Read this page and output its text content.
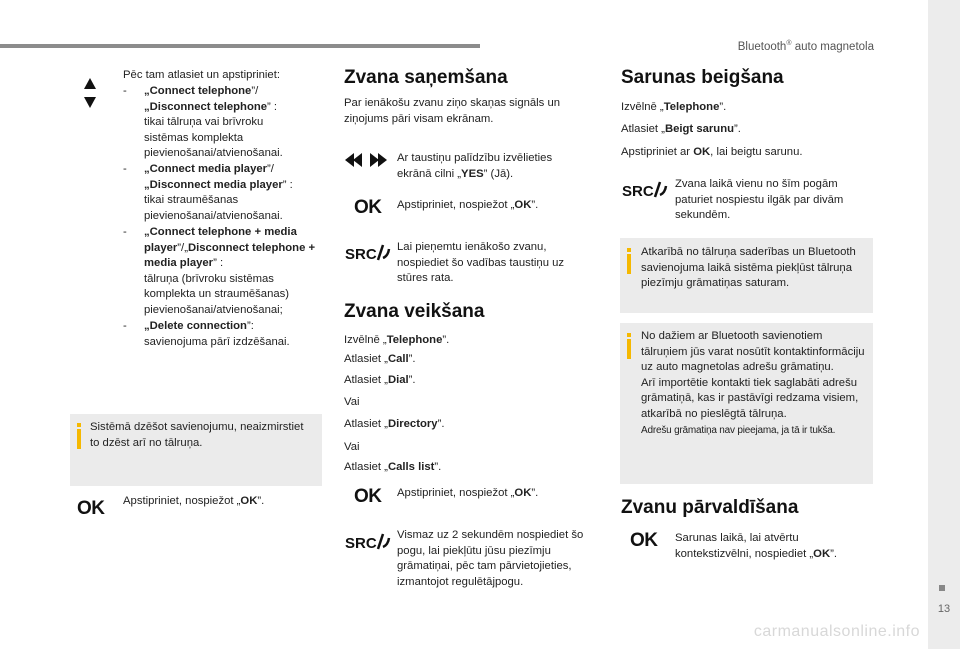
Bluetooth® auto magnetola
13
Pēc tam atlasiet un apstipriniet:
- „Connect telephone”/
„Disconnect telephone” :

tikai tālruņa vai brīvroku sistēmas komplekta pievienošanai/atvienošanai.
- „Connect media player”/
„Disconnect media player” :

tikai straumēšanas pievienošanai/atvienošanai.
- „Connect telephone + media player”/„Disconnect telephone + media player” :

tālruņa (brīvroku sistēmas komplekta un straumēšanas) pievienošanai/atvienošanai;
- „Delete connection”:
savienojuma pārī izdzēšanai.
Sistēmā dzēšot savienojumu, neaizmirstiet to dzēst arī no tālruņa.
OK Apstipriniet, nospiežot „OK”.
Zvana saņemšana
Par ienākošu zvanu ziņo skaņas signāls un ziņojums pāri visam ekrānam.
Ar taustiņu palīdzību izvēlieties ekrānā cilni „YES” (Jā).
OK Apstipriniet, nospiežot „OK”.
SRC Lai pieņemtu ienākošo zvanu, nospiediet šo vadības taustiņu uz stūres rata.
Zvana veikšana
Izvēlnē „Telephone”.
Atlasiet „Call”.
Atlasiet „Dial”.
Vai
Atlasiet „Directory”.
Vai
Atlasiet „Calls list”.
OK Apstipriniet, nospiežot „OK”.
SRC Vismaz uz 2 sekundēm nospiediet šo pogu, lai piekļūtu jūsu piezīmju grāmatiņai, pēc tam pārvietojieties, izmantojot regulētājpogu.
Sarunas beigšana
Izvēlnē „Telephone”.
Atlasiet „Beigt sarunu”.
Apstipriniet ar OK, lai beigtu sarunu.
SRC Zvana laikā vienu no šīm pogām paturiet nospiestu ilgāk par divām sekundēm.
Atkarībā no tālruņa saderības un Bluetooth savienojuma laikā sistēma piekļūst tālruņa piezīmju grāmatiņas saturam.
No dažiem ar Bluetooth savienotiem tālruņiem jūs varat nosūtīt kontaktinformāciju uz auto magnetolas adrešu grāmatiņu.
Arī importētie kontakti tiek saglabāti adrešu grāmatiņā, kas ir pastāvīgi redzama visiem, atkarībā no pieslēgtā tālruņa.
Adrešu grāmatiņa nav pieejama, ja tā ir tukša.
Zvanu pārvaldīšana
OK Sarunas laikā, lai atvērtu kontekstizvēlni, nospiediet „OK”.
carmanualsonline.info
